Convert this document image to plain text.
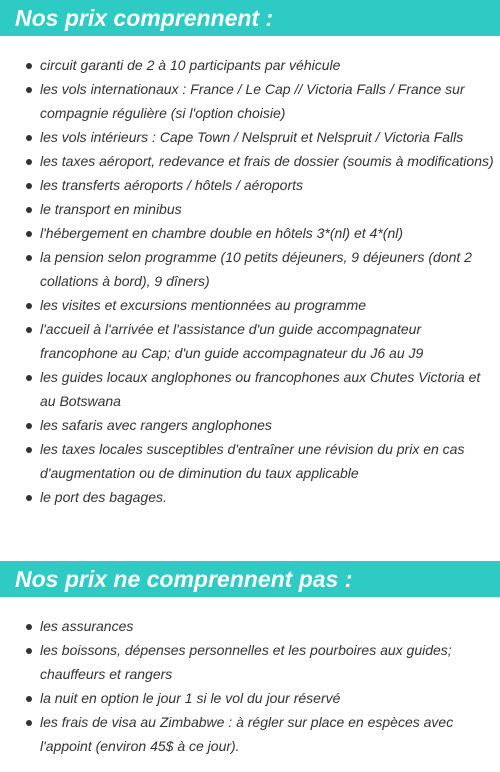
Nos prix comprennent :
circuit garanti de 2 à 10 participants par véhicule
les vols internationaux : France / Le Cap // Victoria Falls / France sur compagnie régulière (si l'option choisie)
les vols intérieurs : Cape Town / Nelspruit et Nelspruit / Victoria Falls
les taxes aéroport, redevance et frais de dossier (soumis à modifications)
les transferts aéroports / hôtels / aéroports
le transport en minibus
l'hébergement en chambre double en hôtels 3*(nl) et 4*(nl)
la pension selon programme (10 petits déjeuners, 9 déjeuners (dont 2 collations à bord), 9 dîners)
les visites et excursions mentionnées au programme
l'accueil à l'arrivée et l'assistance d'un guide accompagnateur francophone au Cap; d'un guide accompagnateur du J6 au J9
les guides locaux anglophones ou francophones aux Chutes Victoria et au Botswana
les safaris avec rangers anglophones
les taxes locales susceptibles d'entraîner une révision du prix en cas d'augmentation ou de diminution du taux applicable
le port des bagages.
Nos prix ne comprennent pas :
les assurances
les boissons, dépenses personnelles et les pourboires aux guides; chauffeurs et rangers
la nuit en option le jour 1 si le vol du jour réservé
les frais de visa au Zimbabwe : à régler sur place en espèces avec l'appoint (environ 45$ à ce jour).
